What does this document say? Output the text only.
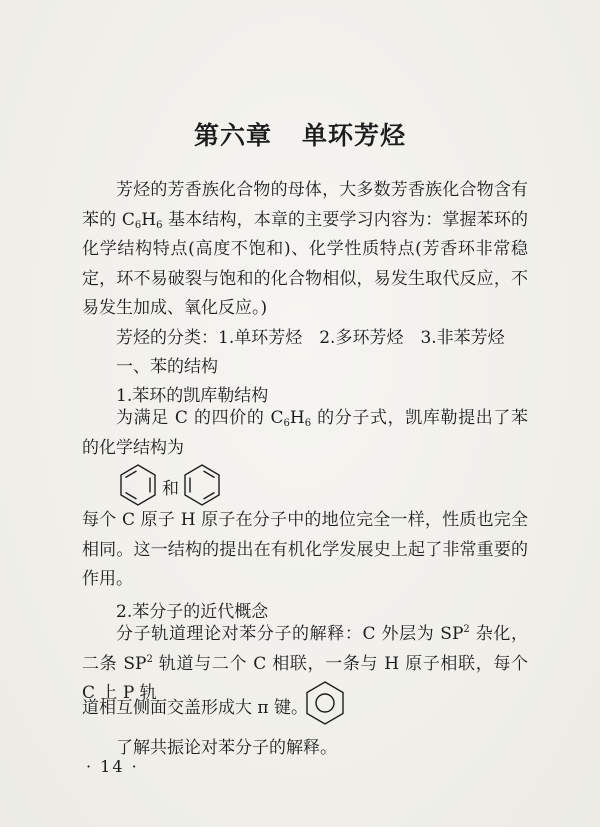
第六章 单环芳烃

芳烃的芳香族化合物的母体，大多数芳香族化合物含有苯的 $C_6H_6$ 基本结构，本章的主要学习内容为：掌握苯环的化学结构特点(高度不饱和)、化学性质特点(芳香环非常稳定，环不易破裂与饱和的化合物相似，易发生取代反应，不易发生加成、氧化反应。)

芳烃的分类：1.单环芳烃　2.多环芳烃　3.非苯芳烃
一、苯的结构
1.苯环的凯库勒结构

为满足 C 的四价的 $C_6H_6$ 的分子式，凯库勒提出了苯的化学结构为

和

每个 C 原子 H 原子在分子中的地位完全一样，性质也完全相同。这一结构的提出在有机化学发展史上起了非常重要的作用。

2.苯分子的近代概念

分子轨道理论对苯分子的解释：C 外层为 $SP^2$ 杂化，二条 $SP^2$ 轨道与二个 C 相联，一条与 H 原子相联，每个 C 上 P 轨

道相互侧面交盖形成大 π 键。
了解共振论对苯分子的解释。
· 14 ·
